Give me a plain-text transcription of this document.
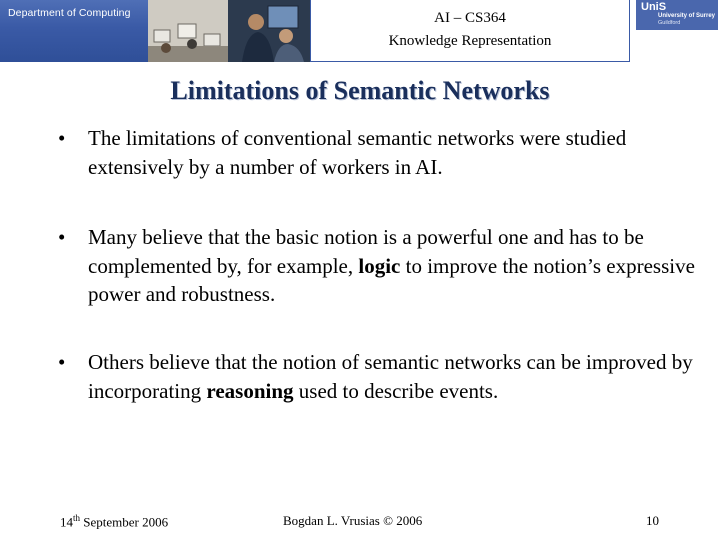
Department of Computing	AI – CS364
Knowledge Representation
UniS
University of Surrey
Guildford
Limitations of Semantic Networks
• The limitations of conventional semantic networks were studied extensively by a number of workers in AI.
• Many believe that the basic notion is a powerful one and has to be complemented by, for example, logic to improve the notion’s expressive power and robustness.
• Others believe that the notion of semantic networks can be improved by incorporating reasoning used to describe events.
14th September 2006	Bogdan L. Vrusias © 2006	10
